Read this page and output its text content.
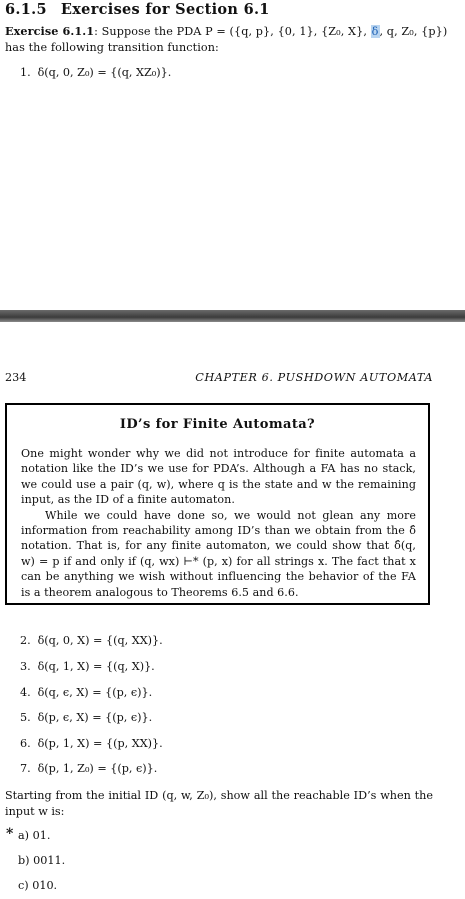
6.1.5 Exercises for Section 6.1
Exercise 6.1.1: Suppose the PDA P = ({q, p}, {0, 1}, {Z₀, X}, δ, q, Z₀, {p}) has the following transition function:
1. δ(q, 0, Z₀) = {(q, XZ₀)}.
234	CHAPTER 6. PUSHDOWN AUTOMATA
ID’s for Finite Automata?

One might wonder why we did not introduce for finite automata a notation like the ID’s we use for PDA’s. Although a FA has no stack, we could use a pair (q, w), where q is the state and w the remaining input, as the ID of a finite automaton.

While we could have done so, we would not glean any more information from reachability among ID’s than we obtain from the δ̂ notation. That is, for any finite automaton, we could show that δ̂(q, w) = p if and only if (q, wx) ⊢* (p, x) for all strings x. The fact that x can be anything we wish without influencing the behavior of the FA is a theorem analogous to Theorems 6.5 and 6.6.

2. δ(q, 0, X) = {(q, XX)}.
3. δ(q, 1, X) = {(q, X)}.
4. δ(q, ϵ, X) = {(p, ϵ)}.
5. δ(p, ϵ, X) = {(p, ϵ)}.
6. δ(p, 1, X) = {(p, XX)}.
7. δ(p, 1, Z₀) = {(p, ϵ)}.
Starting from the initial ID (q, w, Z₀), show all the reachable ID’s when the input w is:
* a) 01.
b) 0011.
c) 010.
